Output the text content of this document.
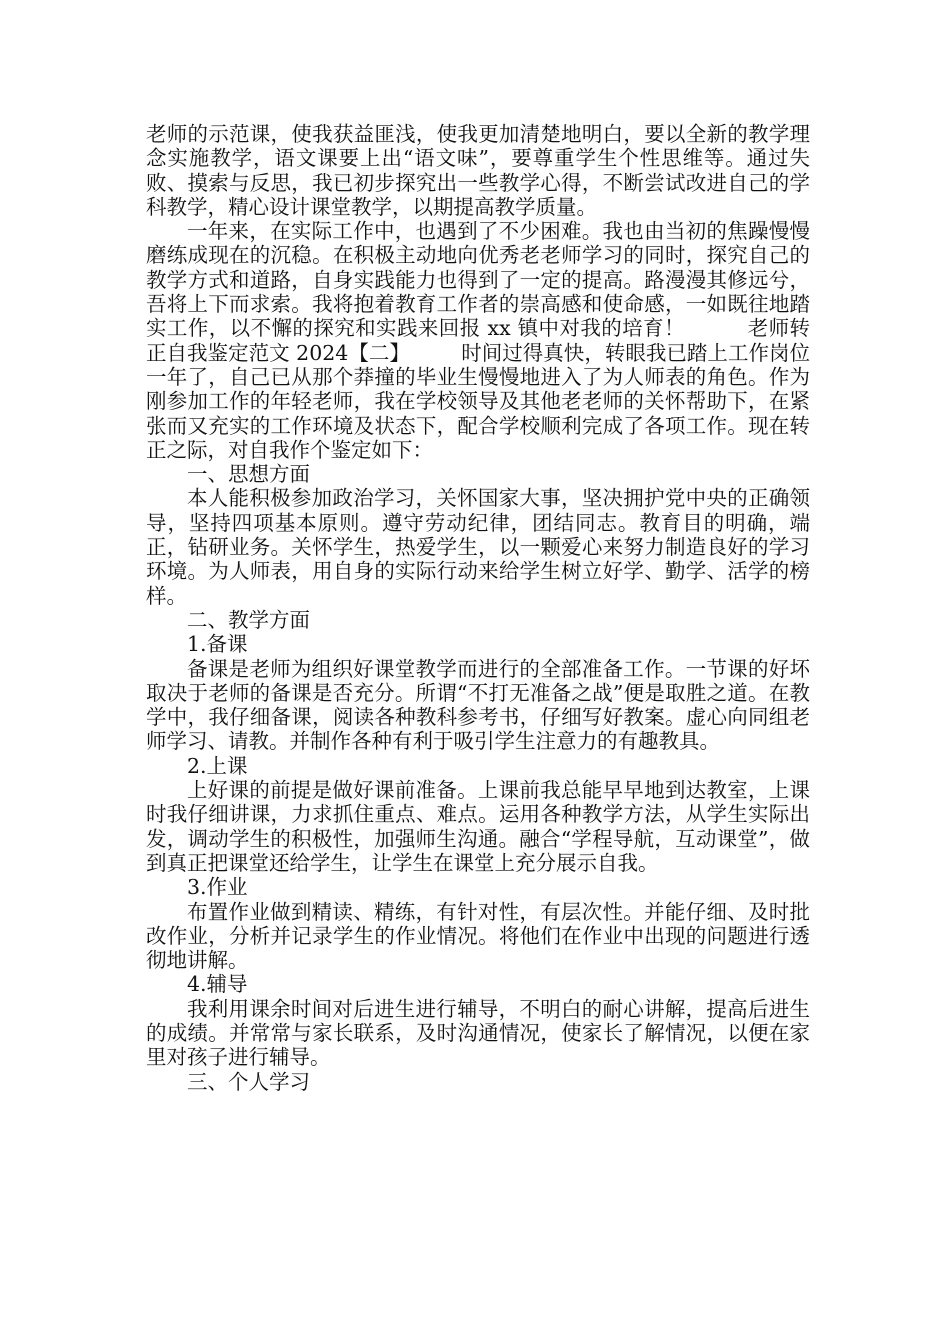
老师的示范课，使我获益匪浅，使我更加清楚地明白，要以全新的教学理念实施教学，语文课要上出“语文味”，要尊重学生个性思维等。通过失败、摸索与反思，我已初步探究出一些教学心得，不断尝试改进自己的学科教学，精心设计课堂教学，以期提高教学质量。

一年来，在实际工作中，也遇到了不少困难。我也由当初的焦躁慢慢磨练成现在的沉稳。在积极主动地向优秀老老师学习的同时，探究自己的教学方式和道路，自身实践能力也得到了一定的提高。路漫漫其修远兮，吾将上下而求索。我将抱着教育工作者的崇高感和使命感，一如既往地踏实工作，以不懈的探究和实践来回报 xx 镇中对我的培育！　　　老师转正自我鉴定范文 2024【二】　　　时间过得真快，转眼我已踏上工作岗位一年了，自己已从那个莽撞的毕业生慢慢地进入了为人师表的角色。作为刚参加工作的年轻老师，我在学校领导及其他老老师的关怀帮助下，在紧张而又充实的工作环境及状态下，配合学校顺利完成了各项工作。现在转正之际，对自我作个鉴定如下：

一、思想方面

本人能积极参加政治学习，关怀国家大事，坚决拥护党中央的正确领导，坚持四项基本原则。遵守劳动纪律，团结同志。教育目的明确，端正，钻研业务。关怀学生，热爱学生，以一颗爱心来努力制造良好的学习环境。为人师表，用自身的实际行动来给学生树立好学、勤学、活学的榜样。

二、教学方面

1.备课

备课是老师为组织好课堂教学而进行的全部准备工作。一节课的好坏取决于老师的备课是否充分。所谓“不打无准备之战”便是取胜之道。在教学中，我仔细备课，阅读各种教科参考书，仔细写好教案。虚心向同组老师学习、请教。并制作各种有利于吸引学生注意力的有趣教具。

2.上课

上好课的前提是做好课前准备。上课前我总能早早地到达教室，上课时我仔细讲课，力求抓住重点、难点。运用各种教学方法，从学生实际出发，调动学生的积极性，加强师生沟通。融合“学程导航，互动课堂”，做到真正把课堂还给学生，让学生在课堂上充分展示自我。

3.作业

布置作业做到精读、精练，有针对性，有层次性。并能仔细、及时批改作业，分析并记录学生的作业情况。将他们在作业中出现的问题进行透彻地讲解。

4.辅导

我利用课余时间对后进生进行辅导，不明白的耐心讲解，提高后进生的成绩。并常常与家长联系，及时沟通情况，使家长了解情况，以便在家里对孩子进行辅导。

三、个人学习
